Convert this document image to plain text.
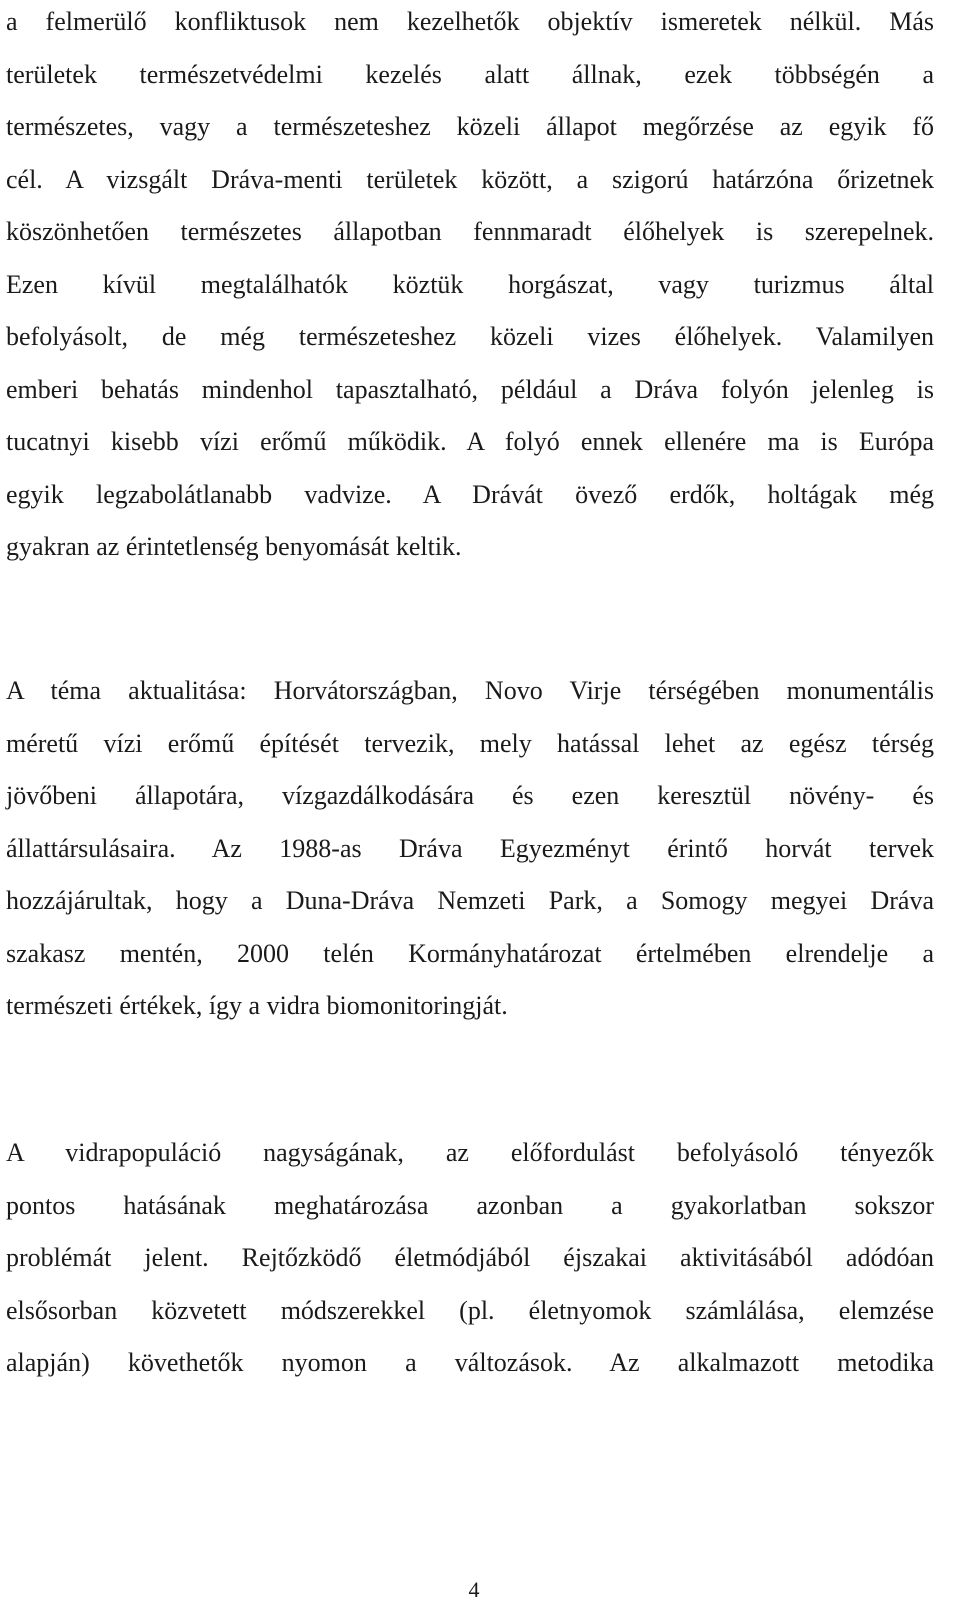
a felmerülő konfliktusok nem kezelhetők objektív ismeretek nélkül. Más
területek természetvédelmi kezelés alatt állnak, ezek többségén a
természetes, vagy a természeteshez közeli állapot megőrzése az egyik fő
cél. A vizsgált Dráva-menti területek között, a szigorú határzóna őrizetnek
köszönhetően természetes állapotban fennmaradt élőhelyek is szerepelnek.
Ezen kívül megtalálhatók köztük horgászat, vagy turizmus által
befolyásolt, de még természeteshez közeli vizes élőhelyek. Valamilyen
emberi behatás mindenhol tapasztalható, például a Dráva folyón jelenleg is
tucatnyi kisebb vízi erőmű működik. A folyó ennek ellenére ma is Európa
egyik legzabolátlanabb vadvize. A Drávát övező erdők, holtágak még
gyakran az érintetlenség benyomását keltik.
A téma aktualitása: Horvátországban, Novo Virje térségében monumentális
méretű vízi erőmű építését tervezik, mely hatással lehet az egész térség
jövőbeni állapotára, vízgazdálkodására és ezen keresztül növény- és
állattársulásaira. Az 1988-as Dráva Egyezményt érintő horvát tervek
hozzájárultak, hogy a Duna-Dráva Nemzeti Park, a Somogy megyei Dráva
szakasz mentén, 2000 telén Kormányhatározat értelmében elrendelje a
természeti értékek, így a vidra biomonitoringját.
A vidrapopuláció nagyságának, az előfordulást befolyásoló tényezők
pontos hatásának meghatározása azonban a gyakorlatban sokszor
problémát jelent. Rejtőzködő életmódjából éjszakai aktivitásából adódóan
elsősorban közvetett módszerekkel (pl. életnyomok számlálása, elemzése
alapján) követhetők nyomon a változások. Az alkalmazott metodika
4
